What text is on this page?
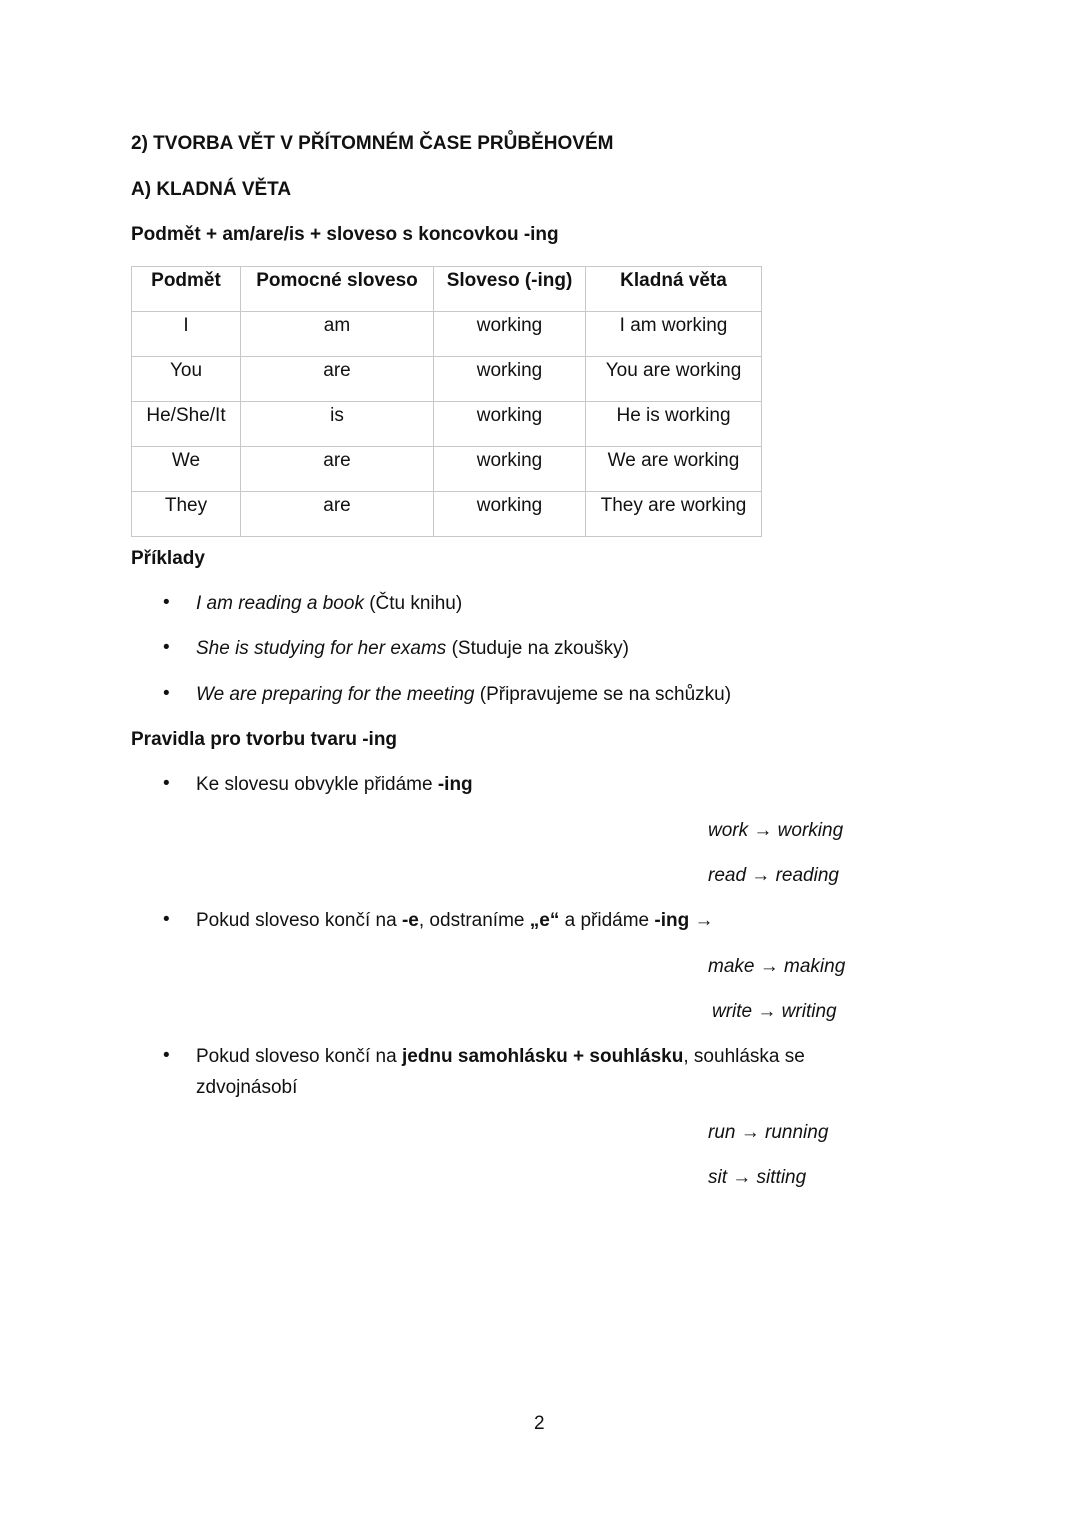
2) TVORBA VĚT V PŘÍTOMNÉM ČASE PRŮBĚHOVÉM
A) KLADNÁ VĚTA
Podmět + am/are/is + sloveso s koncovkou -ing
Podmět	Pomocné sloveso	Sloveso (-ing)	Kladná věta
I	am	working	I am working
You	are	working	You are working
He/She/It	is	working	He is working
We	are	working	We are working
They	are	working	They are working
Příklady
• I am reading a book (Čtu knihu)
• She is studying for her exams (Studuje na zkoušky)
• We are preparing for the meeting (Připravujeme se na schůzku)
Pravidla pro tvorbu tvaru -ing
• Ke slovesu obvykle přidáme -ing
work → working
read → reading
• Pokud sloveso končí na -e, odstraníme „e“ a přidáme -ing →
make → making
write → writing
• Pokud sloveso končí na jednu samohlásku + souhlásku, souhláska se
zdvojnásobí
run → running
sit → sitting
2
